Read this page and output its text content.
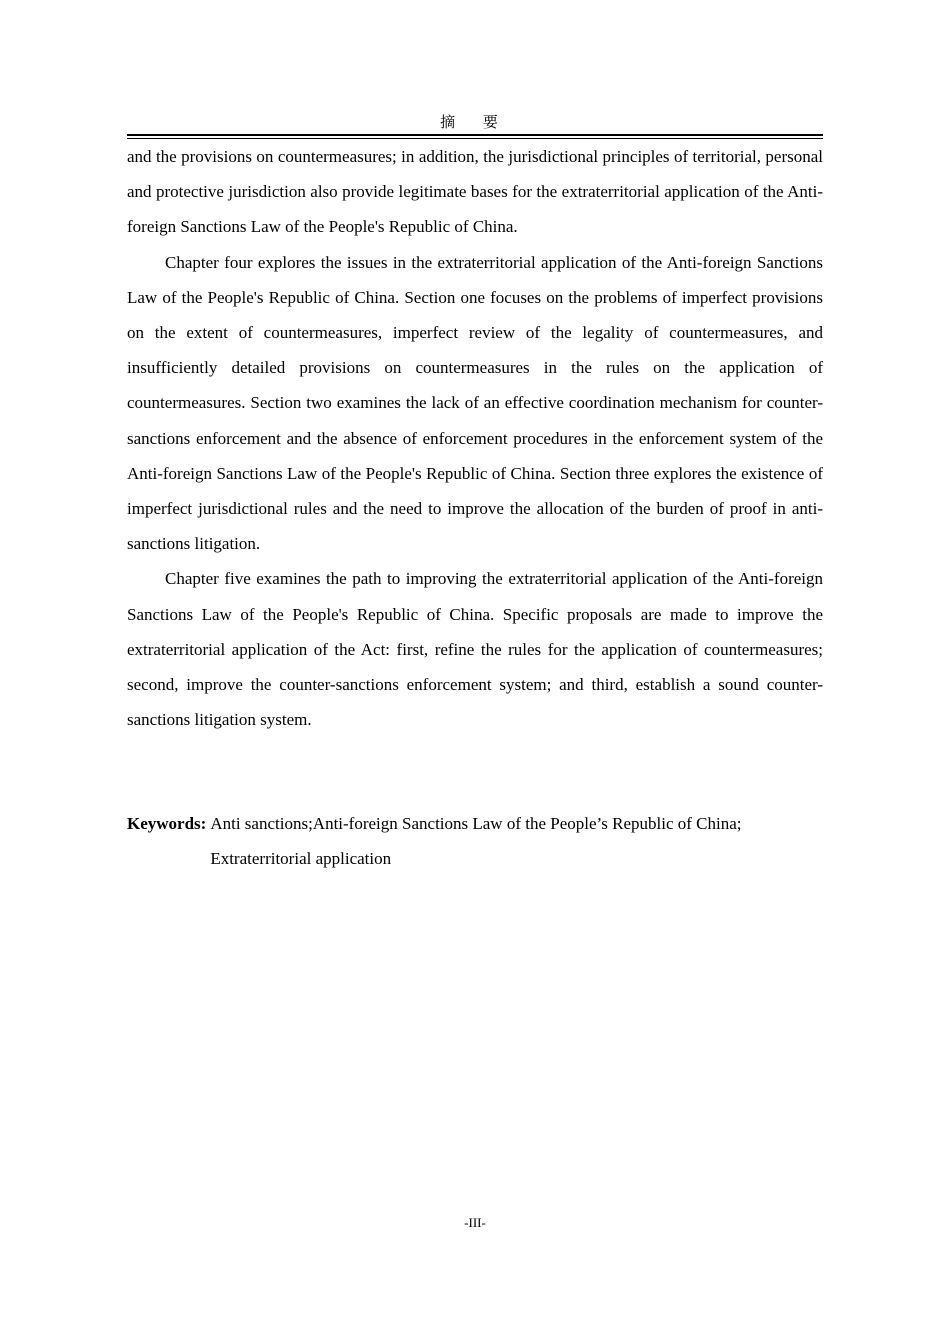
摘 要

and the provisions on countermeasures; in addition, the jurisdictional principles of territorial, personal and protective jurisdiction also provide legitimate bases for the extraterritorial application of the Anti-foreign Sanctions Law of the People's Republic of China.

Chapter four explores the issues in the extraterritorial application of the Anti-foreign Sanctions Law of the People's Republic of China. Section one focuses on the problems of imperfect provisions on the extent of countermeasures, imperfect review of the legality of countermeasures, and insufficiently detailed provisions on countermeasures in the rules on the application of countermeasures. Section two examines the lack of an effective coordination mechanism for counter-sanctions enforcement and the absence of enforcement procedures in the enforcement system of the Anti-foreign Sanctions Law of the People's Republic of China. Section three explores the existence of imperfect jurisdictional rules and the need to improve the allocation of the burden of proof in anti-sanctions litigation.

Chapter five examines the path to improving the extraterritorial application of the Anti-foreign Sanctions Law of the People's Republic of China. Specific proposals are made to improve the extraterritorial application of the Act: first, refine the rules for the application of countermeasures; second, improve the counter-sanctions enforcement system; and third, establish a sound counter-sanctions litigation system.

Keywords: Anti sanctions;Anti-foreign Sanctions Law of the People’s Republic of China; Extraterritorial application
-III-
